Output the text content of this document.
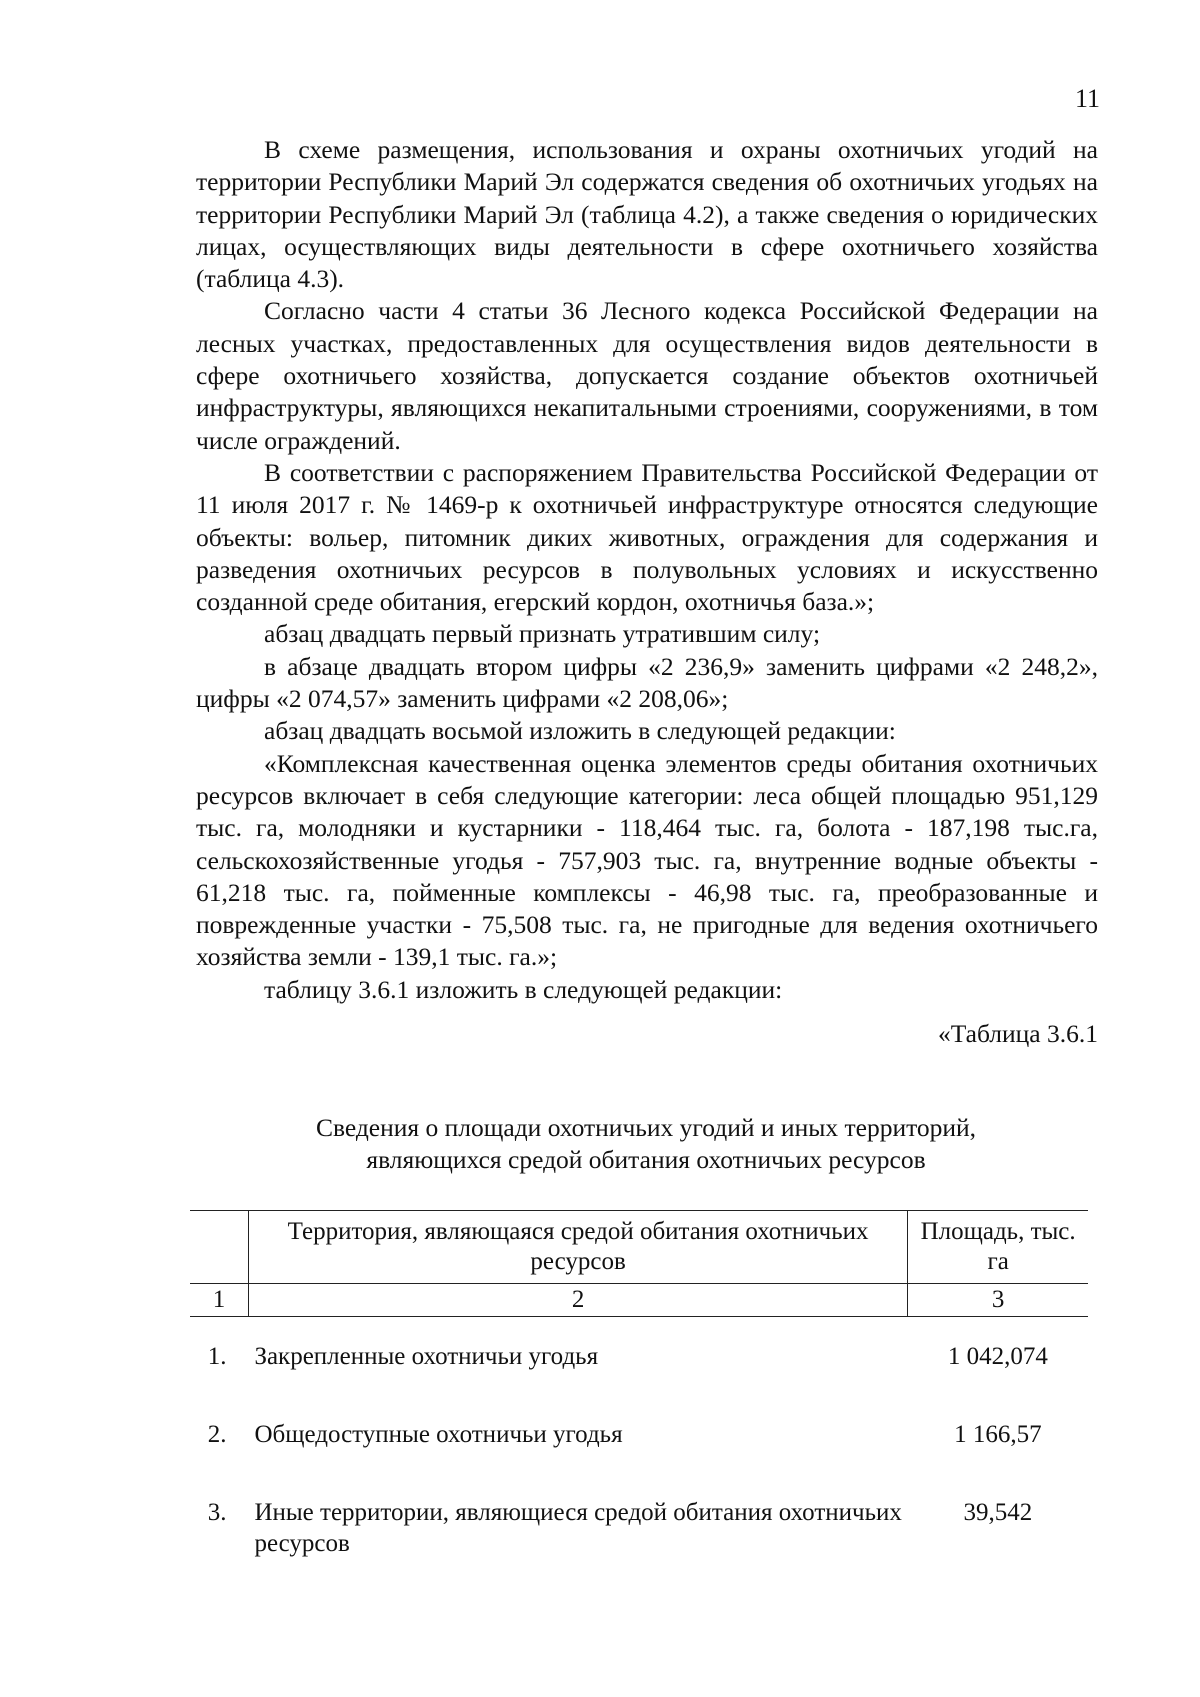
11

В схеме размещения, использования и охраны охотничьих угодий на территории Республики Марий Эл содержатся сведения об охотничьих угодьях на территории Республики Марий Эл (таблица 4.2), а также сведения о юридических лицах, осуществляющих виды деятельности в сфере охотничьего хозяйства (таблица 4.3).

Согласно части 4 статьи 36 Лесного кодекса Российской Федерации на лесных участках, предоставленных для осуществления видов деятельности в сфере охотничьего хозяйства, допускается создание объектов охотничьей инфраструктуры, являющихся некапитальными строениями, сооружениями, в том числе ограждений.

В соответствии с распоряжением Правительства Российской Федерации от 11 июля 2017 г. № 1469-р к охотничьей инфраструктуре относятся следующие объекты: вольер, питомник диких животных, ограждения для содержания и разведения охотничьих ресурсов в полувольных условиях и искусственно созданной среде обитания, егерский кордон, охотничья база.»;

абзац двадцать первый признать утратившим силу;

в абзаце двадцать втором цифры «2 236,9» заменить цифрами «2 248,2», цифры «2 074,57» заменить цифрами «2 208,06»;

абзац двадцать восьмой изложить в следующей редакции:

«Комплексная качественная оценка элементов среды обитания охотничьих ресурсов включает в себя следующие категории: леса общей площадью 951,129 тыс. га, молодняки и кустарники - 118,464 тыс. га, болота - 187,198 тыс.га, сельскохозяйственные угодья - 757,903 тыс. га, внутренние водные объекты - 61,218 тыс. га, пойменные комплексы - 46,98 тыс. га, преобразованные и поврежденные участки - 75,508 тыс. га, не пригодные для ведения охотничьего хозяйства земли - 139,1 тыс. га.»;

таблицу 3.6.1 изложить в следующей редакции:

«Таблица 3.6.1

Сведения о площади охотничьих угодий и иных территорий,
являющихся средой обитания охотничьих ресурсов
	Территория, являющаяся средой обитания охотничьих ресурсов	Площадь, тыс. га
1	2	3
1.	Закрепленные охотничьи угодья	1 042,074
2.	Общедоступные охотничьи угодья	1 166,57
3.	Иные территории, являющиеся средой обитания охотничьих ресурсов	39,542
